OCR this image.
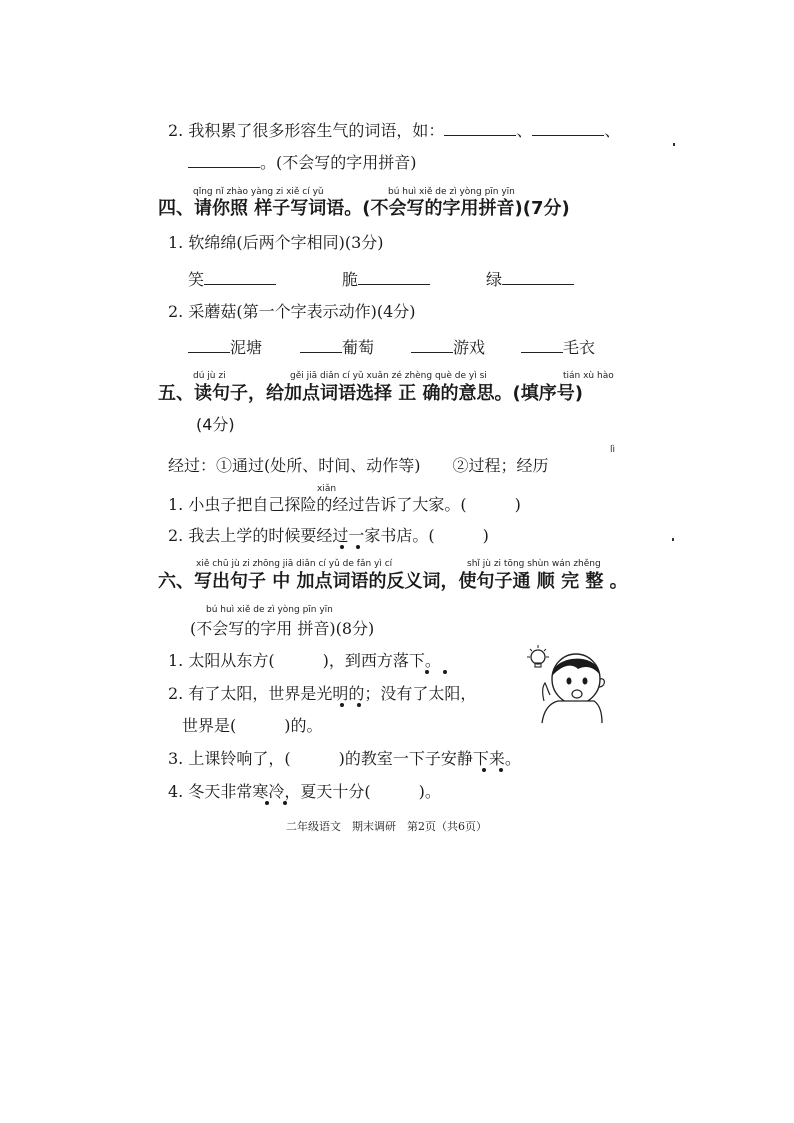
2. 我积累了很多形容生气的词语，如：	、	、
。(不会写的字用拼音)
qǐng nǐ zhào yàng zi xiě cí yǔ	bú huì xiě de zì yòng pīn yīn
四、请你照 样子写词语。(不会写的字用拼音)(7分)
1. 软绵绵(后两个字相同)(3分)
笑	脆	绿
2. 采蘑菇(第一个字表示动作)(4分)
泥塘	葡萄	游戏	毛衣
dú jù zi	gěi jiā diǎn cí yǔ xuǎn zé zhèng què de yì si	tián xù hào
五、读句子，给加点词语选择 正 确的意思。(填序号)
(4分)
lì
经过：①通过(处所、时间、动作等)　　②过程；经历
xiǎn
1. 小虫子把自己探险的经过告诉了大家。(　　　)
2. 我去上学的时候要经过一家书店。(　　　)
xiě chū jù zi zhōng jiā diǎn cí yǔ de fǎn yì cí	shǐ jù zi tōng shùn wán zhěng
六、写出句子 中 加点词语的反义词，使句子通 顺 完 整 。
bú huì xiě de zì yòng pīn yīn
(不会写的字用 拼音)(8分)
1. 太阳从东方(　　　)，到西方落下。
2. 有了太阳，世界是光明的；没有了太阳，
世界是(　　　)的。
3. 上课铃响了，(　　　)的教室一下子安静下来。
4. 冬天非常寒冷，夏天十分(　　　)。
二年级语文　期末调研　第2页（共6页）
